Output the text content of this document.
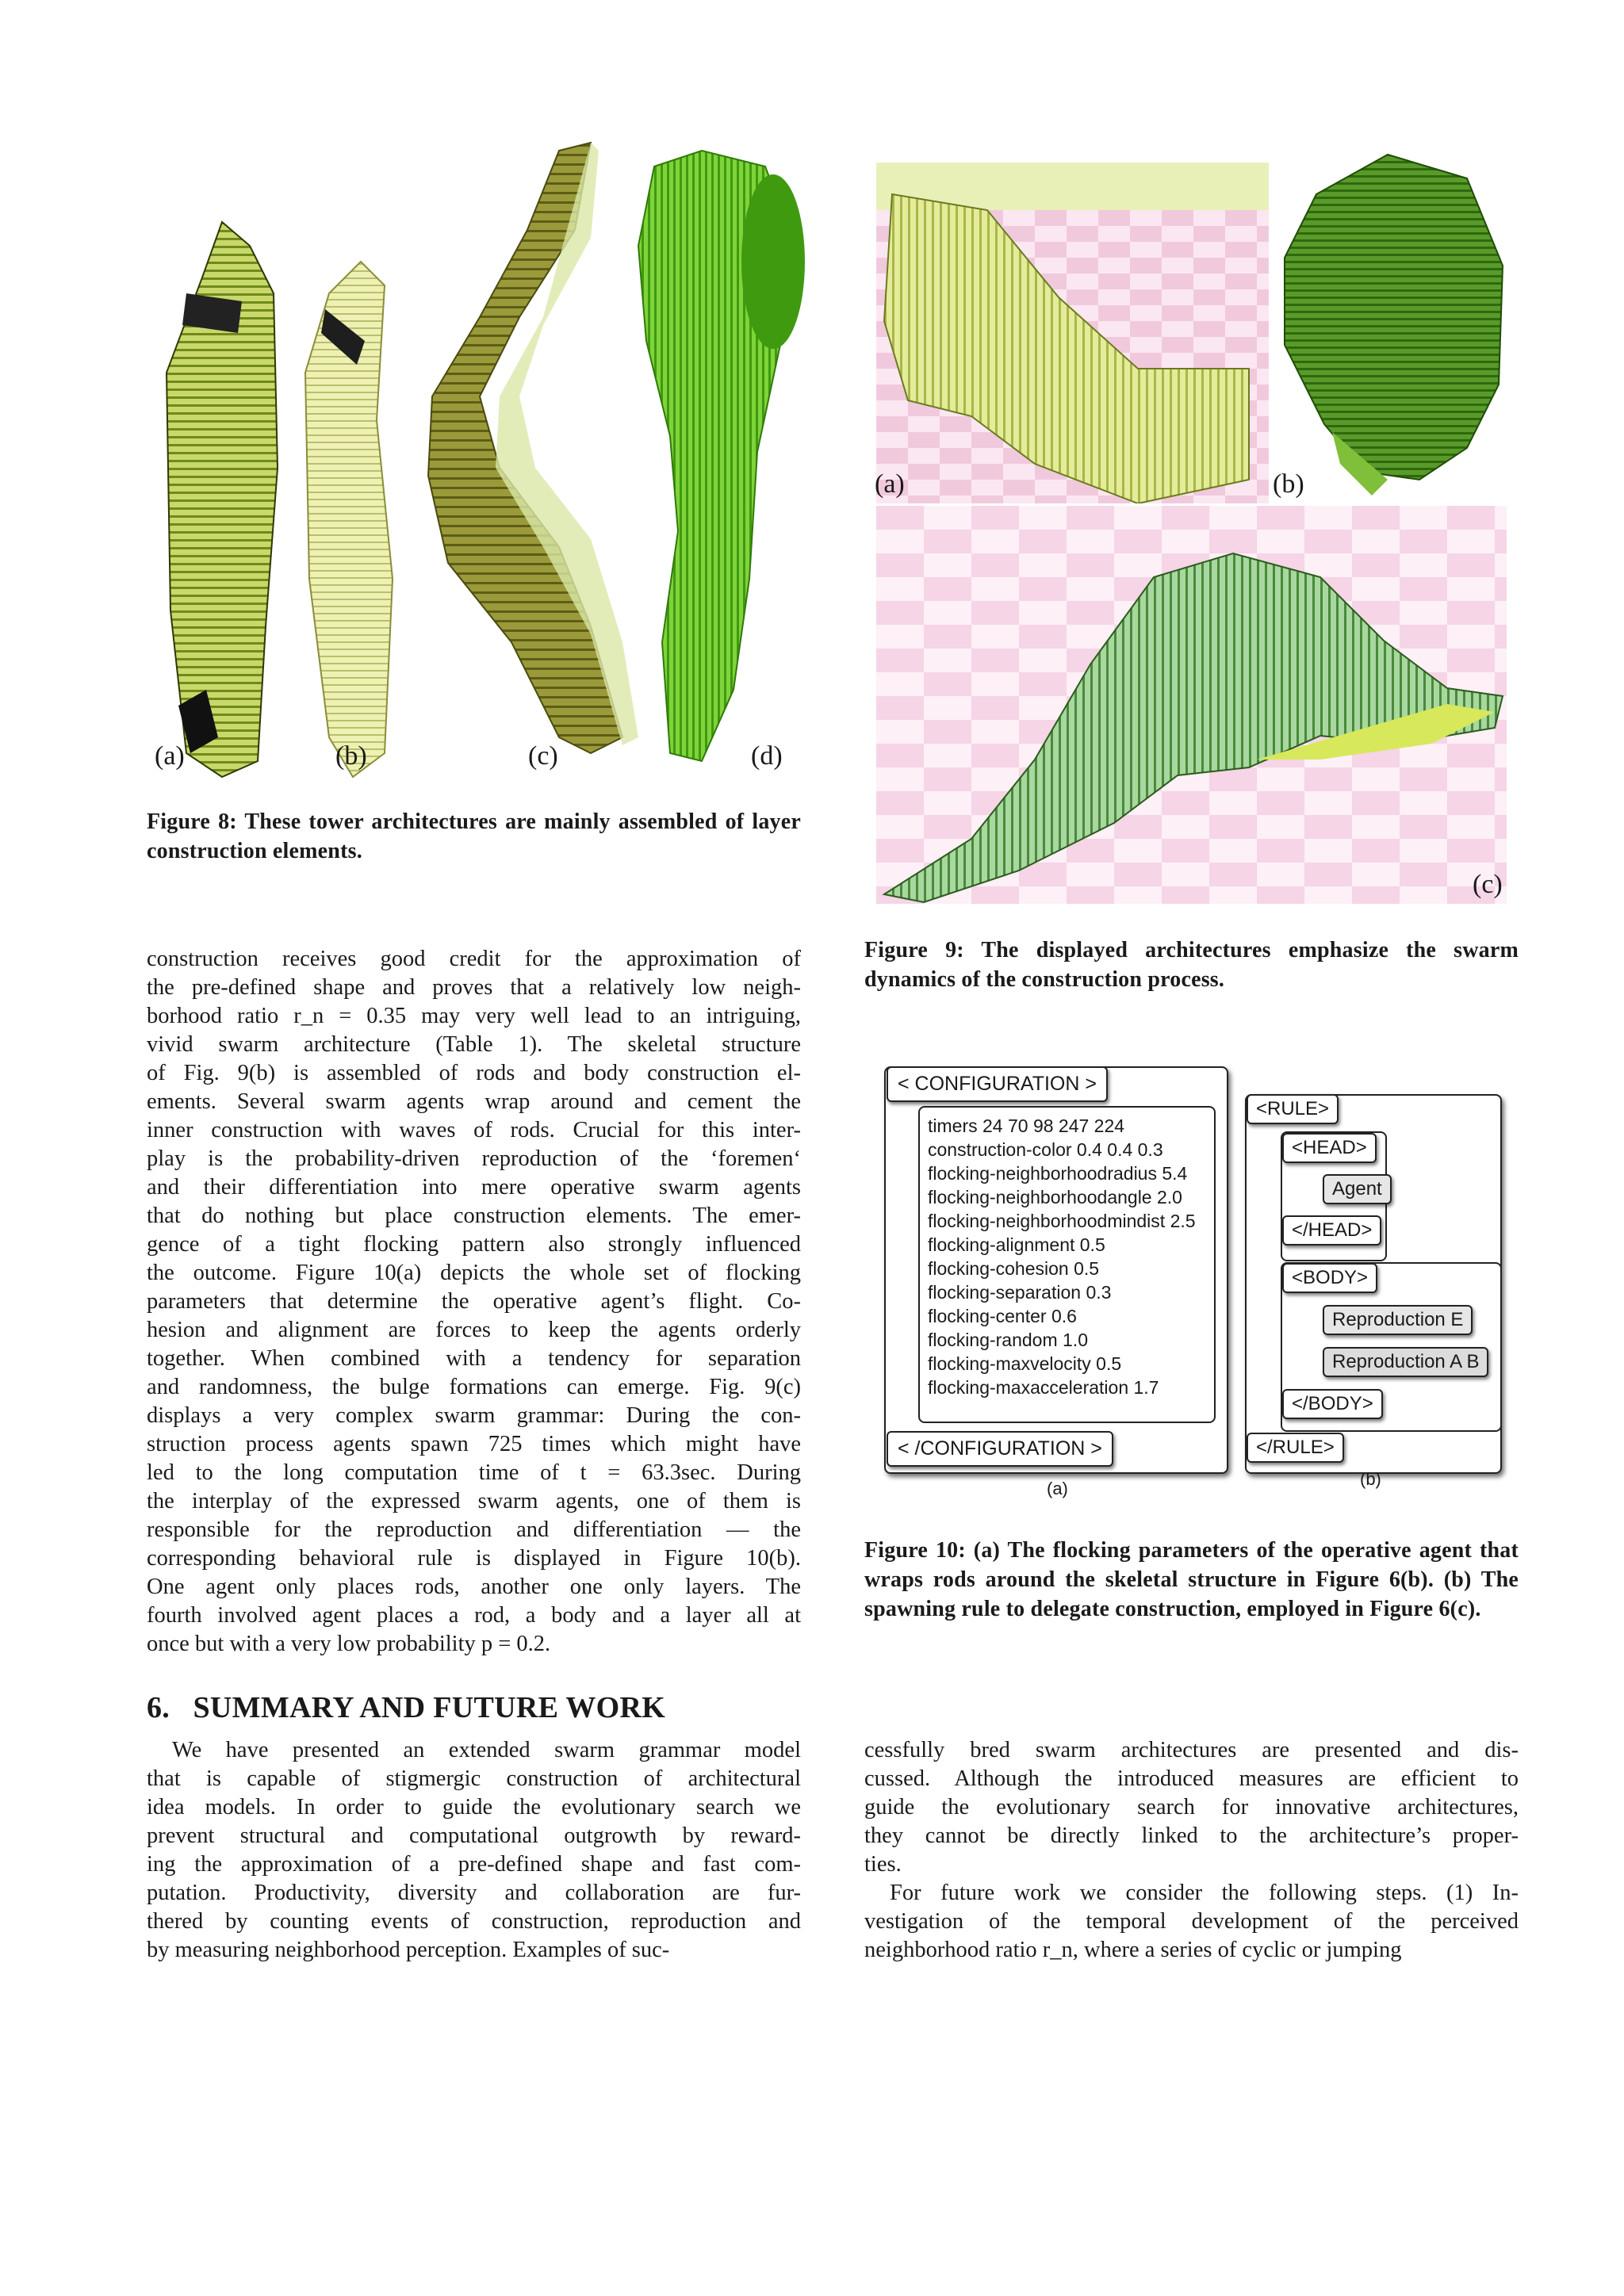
(a)	(b)	(c)	(d)
Figure 8: These tower architectures are mainly assembled of layer construction elements.
(a)	(b)
(c)
Figure 9: The displayed architectures emphasize the swarm dynamics of the construction process.
< CONFIGURATION >
timers 24 70 98 247 224
construction-color 0.4 0.4 0.3
flocking-neighborhoodradius 5.4
flocking-neighborhoodangle 2.0
flocking-neighborhoodmindist 2.5
flocking-alignment 0.5
flocking-cohesion 0.5
flocking-separation 0.3
flocking-center 0.6
flocking-random 1.0
flocking-maxvelocity 0.5
flocking-maxacceleration 1.7
< /CONFIGURATION >
(a)
<RULE>
<HEAD>
Agent
</HEAD>
<BODY>
Reproduction E
Reproduction A B
</BODY>
</RULE>
(b)
Figure 10: (a) The flocking parameters of the operative agent that wraps rods around the skeletal structure in Figure 6(b). (b) The spawning rule to delegate construction, employed in Figure 6(c).
construction receives good credit for the approximation of
the pre-defined shape and proves that a relatively low neigh-
borhood ratio r_n = 0.35 may very well lead to an intriguing,
vivid swarm architecture (Table 1). The skeletal structure
of Fig. 9(b) is assembled of rods and body construction el-
ements. Several swarm agents wrap around and cement the
inner construction with waves of rods. Crucial for this inter-
play is the probability-driven reproduction of the ‘foremen‘
and their differentiation into mere operative swarm agents
that do nothing but place construction elements. The emer-
gence of a tight flocking pattern also strongly influenced
the outcome. Figure 10(a) depicts the whole set of flocking
parameters that determine the operative agent’s flight. Co-
hesion and alignment are forces to keep the agents orderly
together. When combined with a tendency for separation
and randomness, the bulge formations can emerge. Fig. 9(c)
displays a very complex swarm grammar: During the con-
struction process agents spawn 725 times which might have
led to the long computation time of t = 63.3sec. During
the interplay of the expressed swarm agents, one of them is
responsible for the reproduction and differentiation — the
corresponding behavioral rule is displayed in Figure 10(b).
One agent only places rods, another one only layers. The
fourth involved agent places a rod, a body and a layer all at
once but with a very low probability p = 0.2.
6.   SUMMARY AND FUTURE WORK
We have presented an extended swarm grammar model
that is capable of stigmergic construction of architectural
idea models. In order to guide the evolutionary search we
prevent structural and computational outgrowth by reward-
ing the approximation of a pre-defined shape and fast com-
putation. Productivity, diversity and collaboration are fur-
thered by counting events of construction, reproduction and
by measuring neighborhood perception. Examples of suc-
cessfully bred swarm architectures are presented and dis-
cussed. Although the introduced measures are efficient to
guide the evolutionary search for innovative architectures,
they cannot be directly linked to the architecture’s proper-
ties.
For future work we consider the following steps. (1) In-
vestigation of the temporal development of the perceived
neighborhood ratio r_n, where a series of cyclic or jumping
